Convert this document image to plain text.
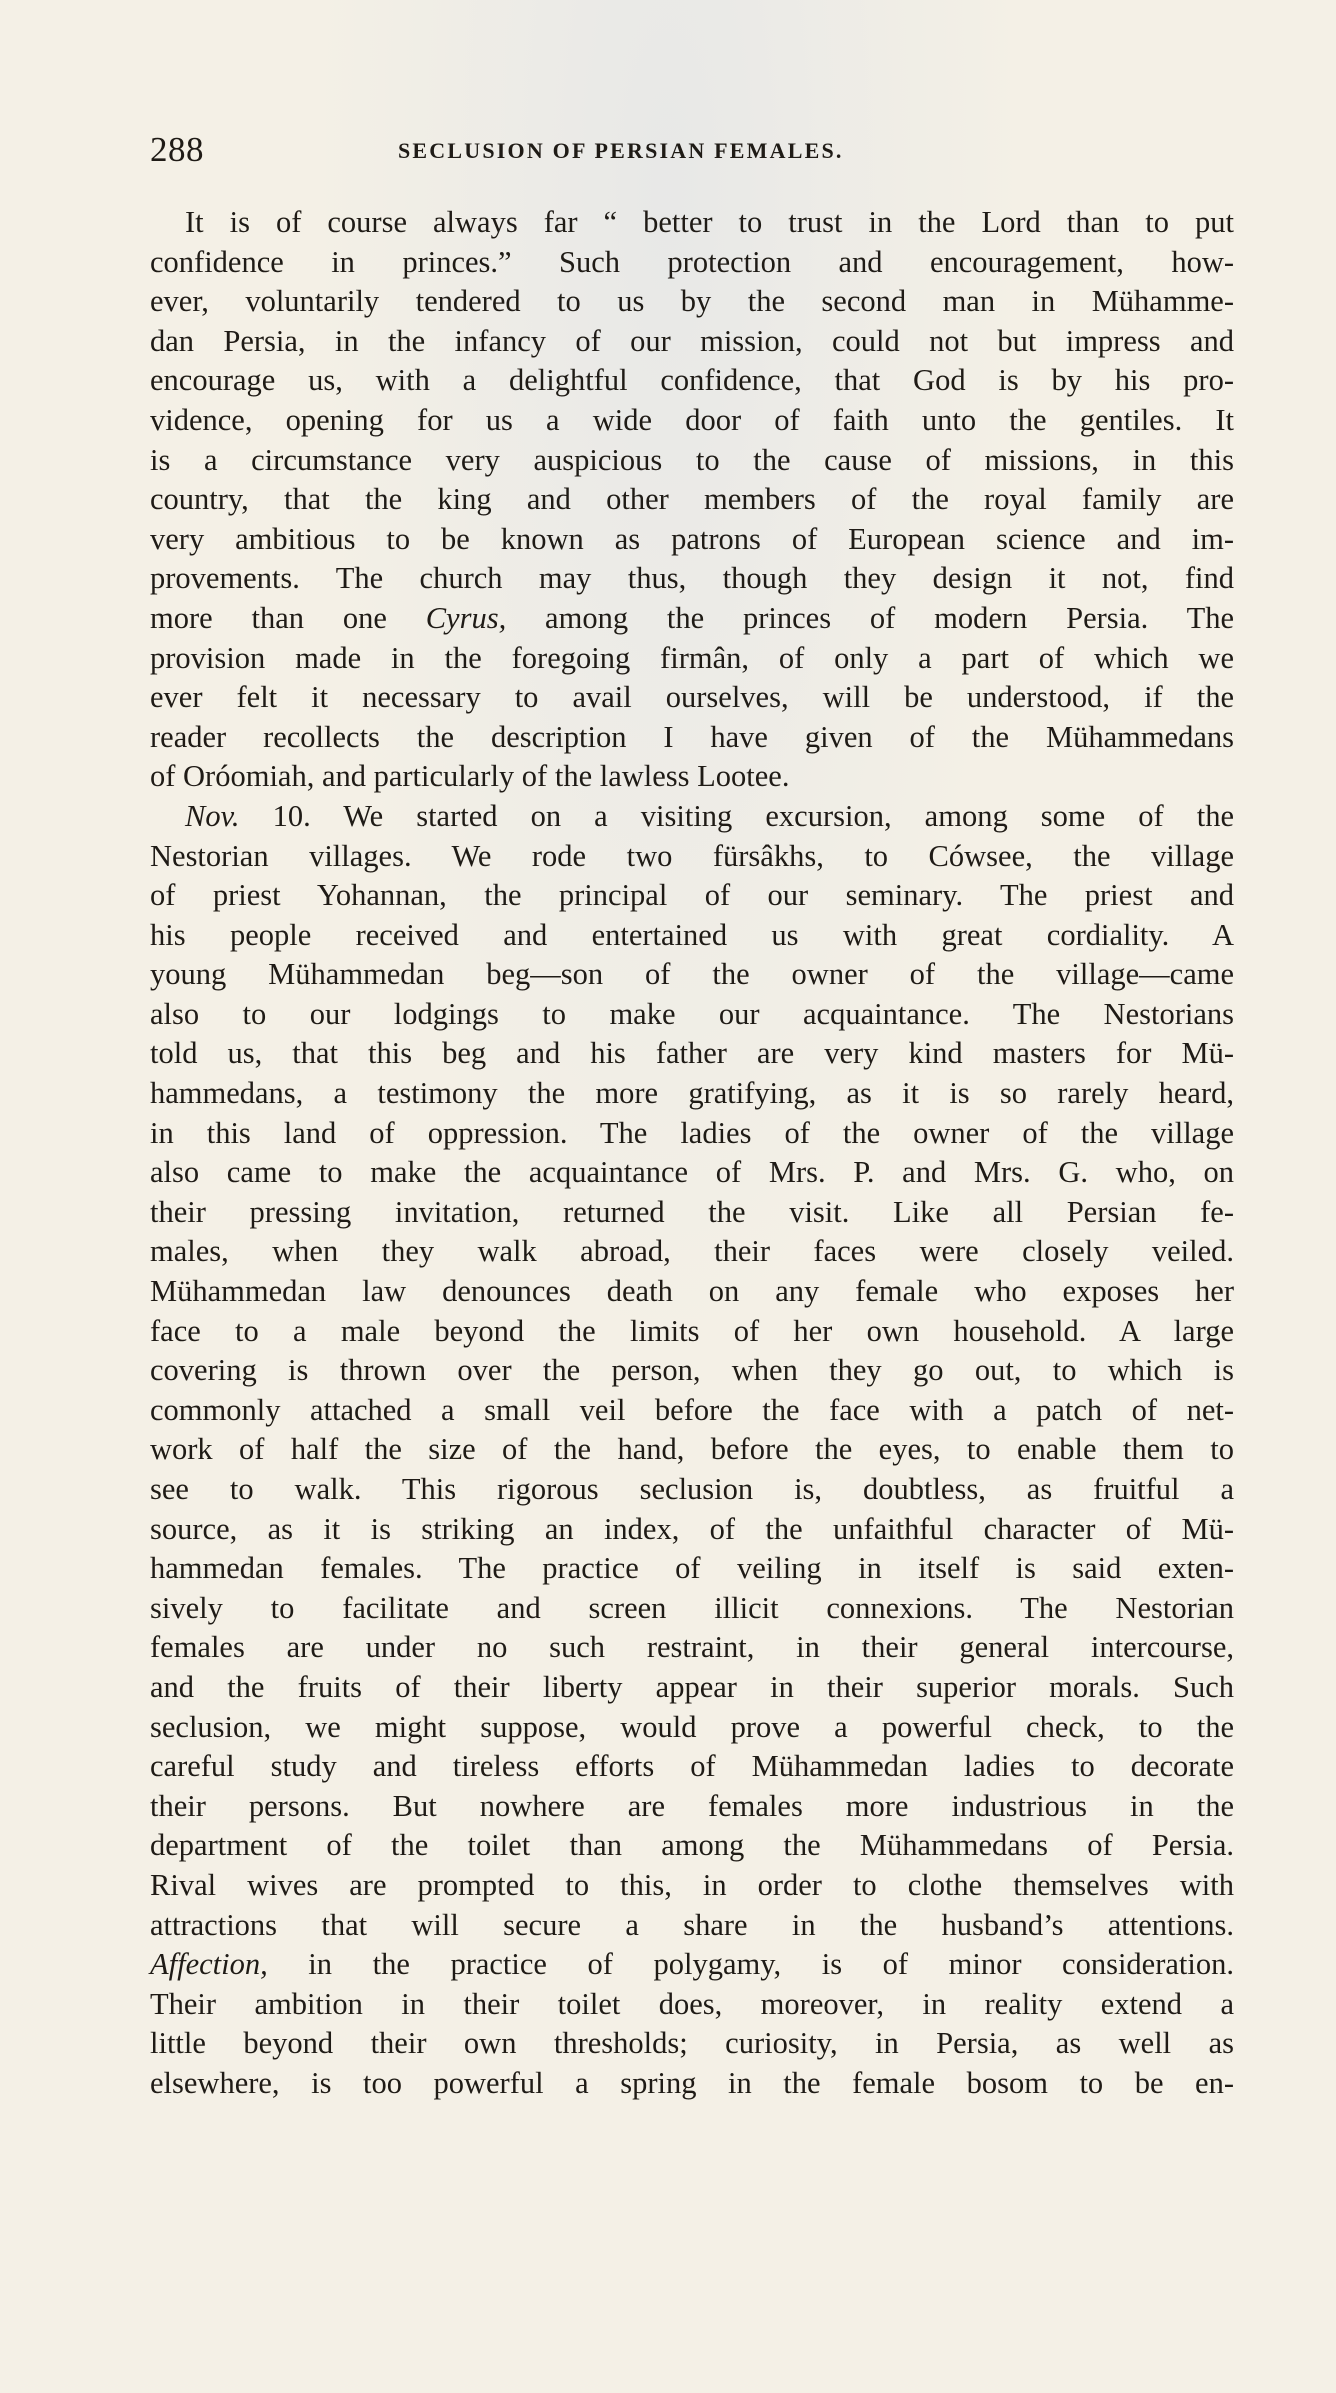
288	SECLUSION OF PERSIAN FEMALES.
It is of course always far “ better to trust in the Lord than to put
confidence in princes.” Such protection and encouragement, how-
ever, voluntarily tendered to us by the second man in Mühamme-
dan Persia, in the infancy of our mission, could not but impress and
encourage us, with a delightful confidence, that God is by his pro-
vidence, opening for us a wide door of faith unto the gentiles. It
is a circumstance very auspicious to the cause of missions, in this
country, that the king and other members of the royal family are
very ambitious to be known as patrons of European science and im-
provements. The church may thus, though they design it not, find
more than one Cyrus, among the princes of modern Persia. The
provision made in the foregoing firmân, of only a part of which we
ever felt it necessary to avail ourselves, will be understood, if the
reader recollects the description I have given of the Mühammedans
of Oróomiah, and particularly of the lawless Lootee.
Nov. 10. We started on a visiting excursion, among some of the
Nestorian villages. We rode two fürsâkhs, to Cówsee, the village
of priest Yohannan, the principal of our seminary. The priest and
his people received and entertained us with great cordiality. A
young Mühammedan beg—son of the owner of the village—came
also to our lodgings to make our acquaintance. The Nestorians
told us, that this beg and his father are very kind masters for Mü-
hammedans, a testimony the more gratifying, as it is so rarely heard,
in this land of oppression. The ladies of the owner of the village
also came to make the acquaintance of Mrs. P. and Mrs. G. who, on
their pressing invitation, returned the visit. Like all Persian fe-
males, when they walk abroad, their faces were closely veiled.
Mühammedan law denounces death on any female who exposes her
face to a male beyond the limits of her own household. A large
covering is thrown over the person, when they go out, to which is
commonly attached a small veil before the face with a patch of net-
work of half the size of the hand, before the eyes, to enable them to
see to walk. This rigorous seclusion is, doubtless, as fruitful a
source, as it is striking an index, of the unfaithful character of Mü-
hammedan females. The practice of veiling in itself is said exten-
sively to facilitate and screen illicit connexions. The Nestorian
females are under no such restraint, in their general intercourse,
and the fruits of their liberty appear in their superior morals. Such
seclusion, we might suppose, would prove a powerful check, to the
careful study and tireless efforts of Mühammedan ladies to decorate
their persons. But nowhere are females more industrious in the
department of the toilet than among the Mühammedans of Persia.
Rival wives are prompted to this, in order to clothe themselves with
attractions that will secure a share in the husband’s attentions.
Affection, in the practice of polygamy, is of minor consideration.
Their ambition in their toilet does, moreover, in reality extend a
little beyond their own thresholds; curiosity, in Persia, as well as
elsewhere, is too powerful a spring in the female bosom to be en-
